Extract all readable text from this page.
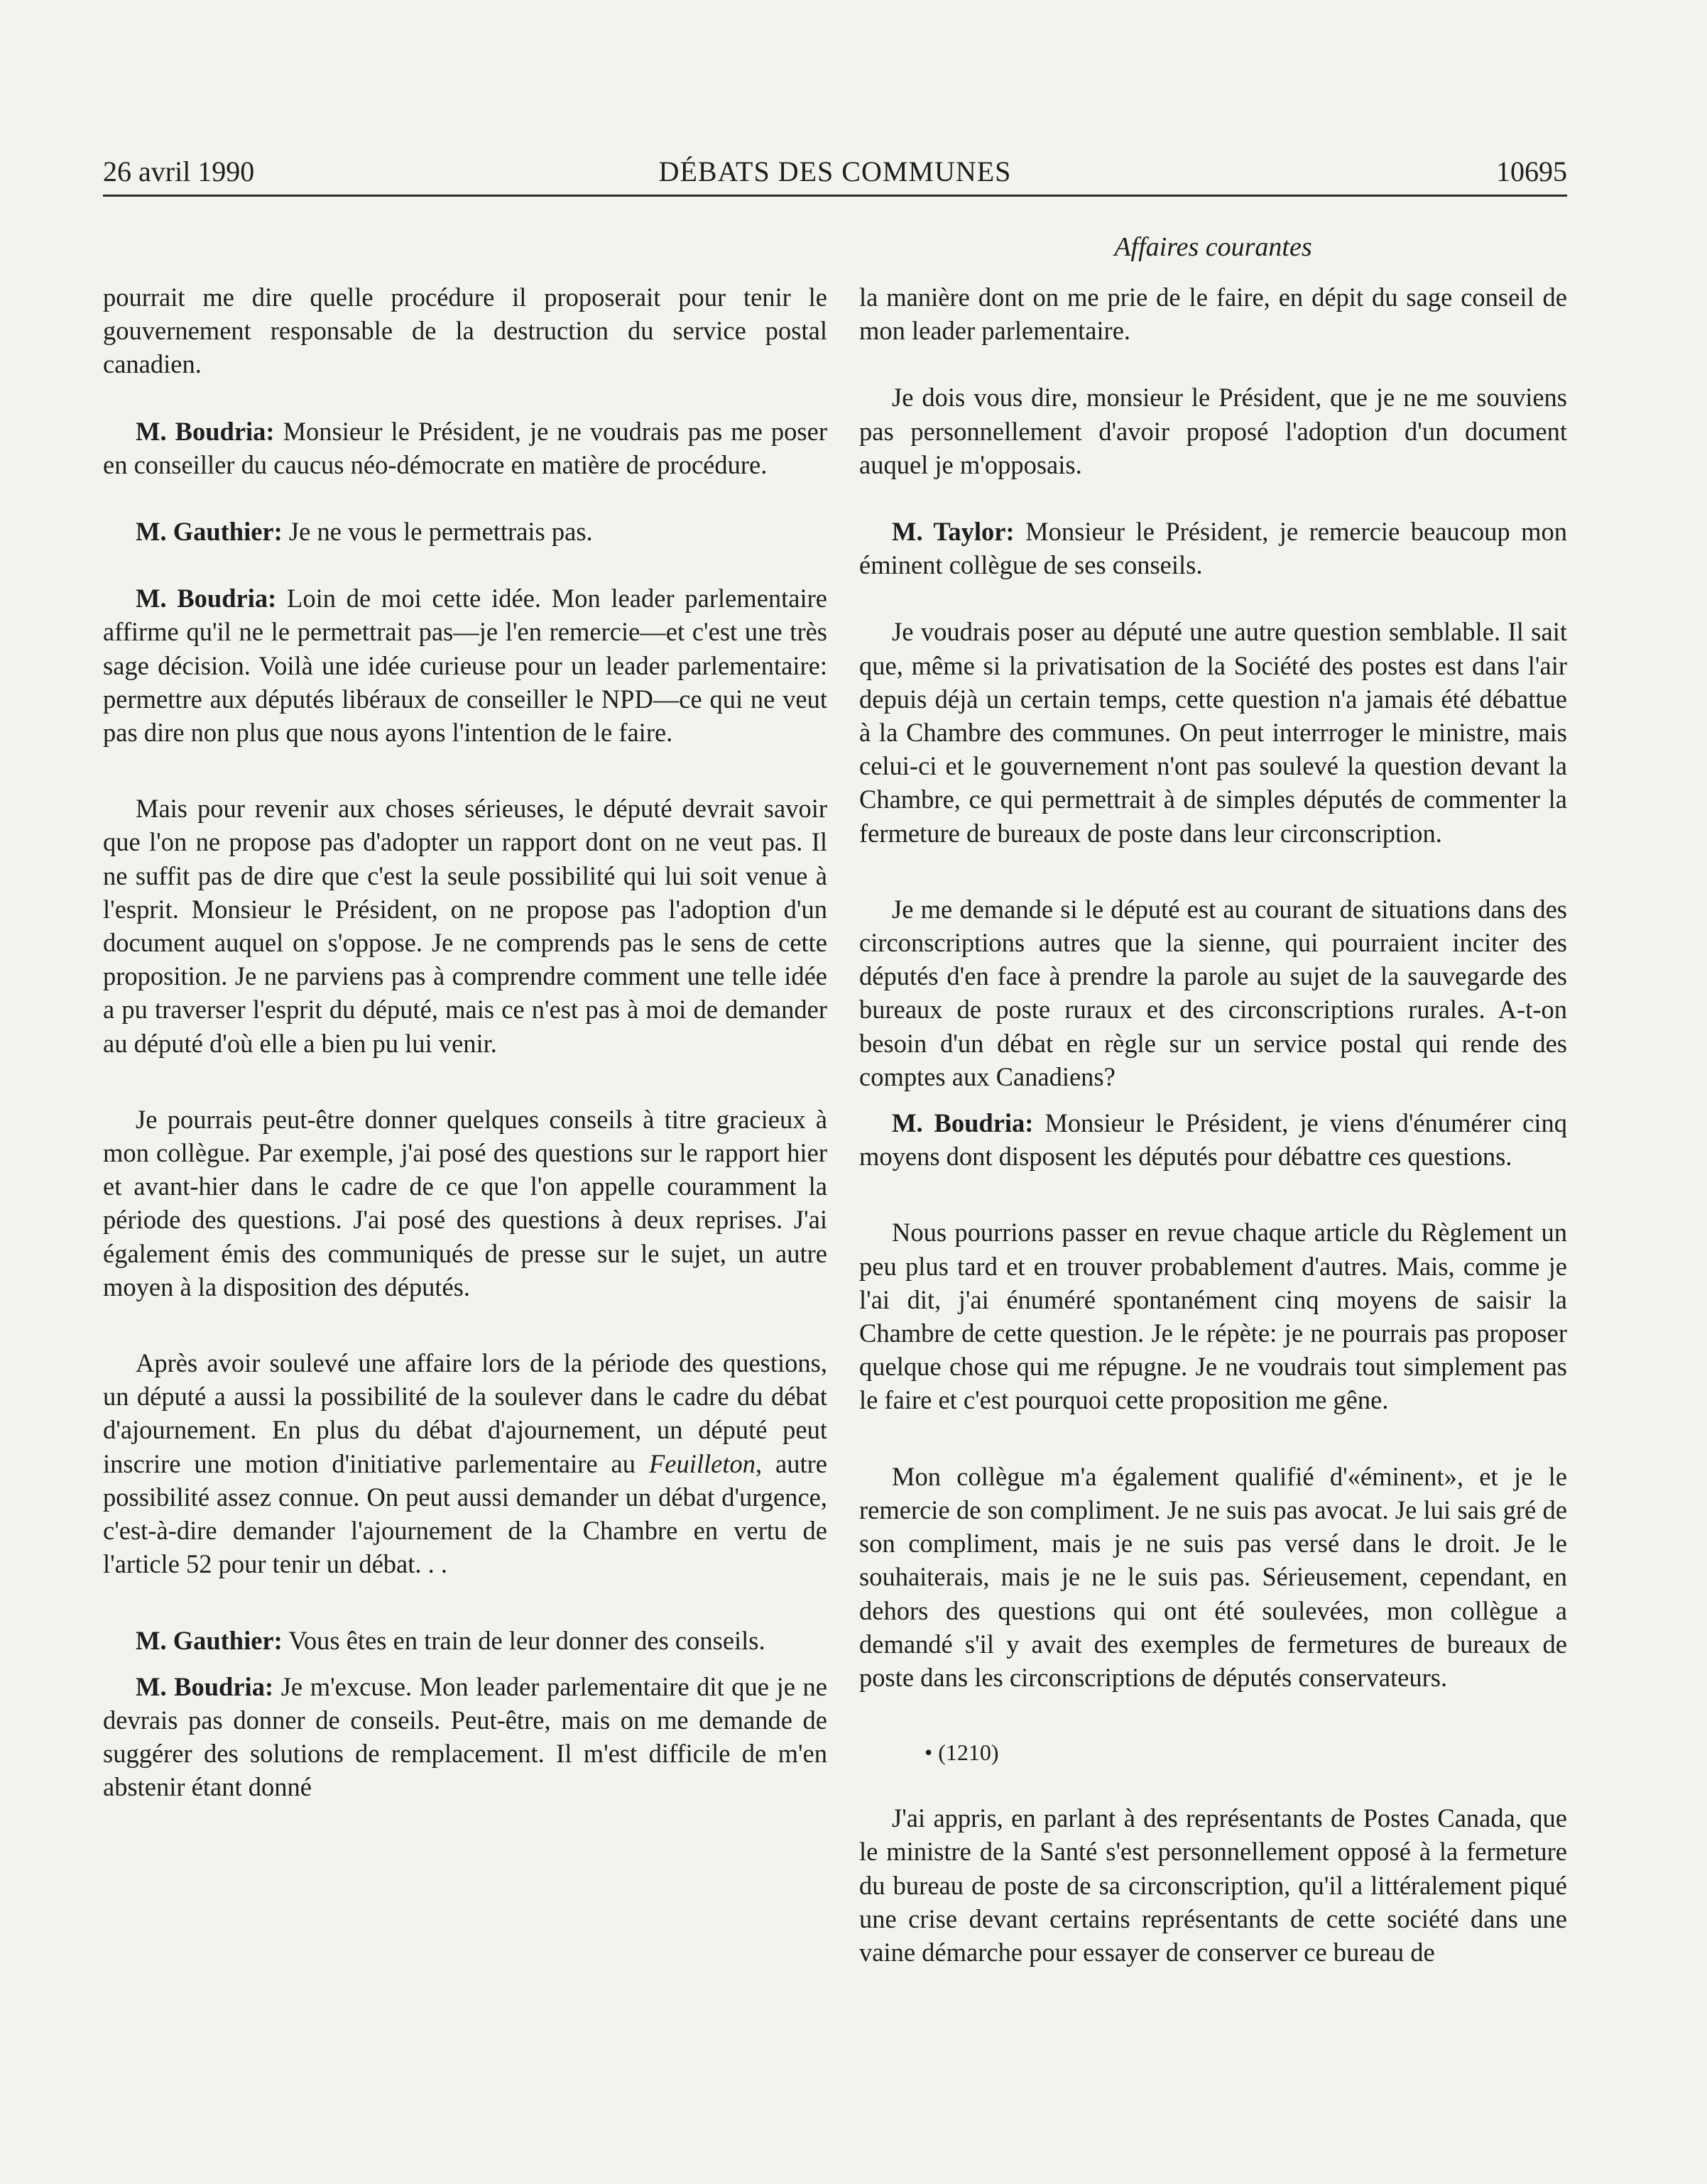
26 avril 1990	DÉBATS DES COMMUNES	10695
Affaires courantes

pourrait me dire quelle procédure il proposerait pour tenir le gouvernement responsable de la destruction du service postal canadien.

M. Boudria: Monsieur le Président, je ne voudrais pas me poser en conseiller du caucus néo-démocrate en matière de procédure.

M. Gauthier: Je ne vous le permettrais pas.

M. Boudria: Loin de moi cette idée. Mon leader parlementaire affirme qu'il ne le permettrait pas—je l'en remercie—et c'est une très sage décision. Voilà une idée curieuse pour un leader parlementaire: permettre aux députés libéraux de conseiller le NPD—ce qui ne veut pas dire non plus que nous ayons l'intention de le faire.

Mais pour revenir aux choses sérieuses, le député devrait savoir que l'on ne propose pas d'adopter un rapport dont on ne veut pas. Il ne suffit pas de dire que c'est la seule possibilité qui lui soit venue à l'esprit. Monsieur le Président, on ne propose pas l'adoption d'un document auquel on s'oppose. Je ne comprends pas le sens de cette proposition. Je ne parviens pas à comprendre comment une telle idée a pu traverser l'esprit du député, mais ce n'est pas à moi de demander au député d'où elle a bien pu lui venir.

Je pourrais peut-être donner quelques conseils à titre gracieux à mon collègue. Par exemple, j'ai posé des questions sur le rapport hier et avant-hier dans le cadre de ce que l'on appelle couramment la période des questions. J'ai posé des questions à deux reprises. J'ai également émis des communiqués de presse sur le sujet, un autre moyen à la disposition des députés.

Après avoir soulevé une affaire lors de la période des questions, un député a aussi la possibilité de la soulever dans le cadre du débat d'ajournement. En plus du débat d'ajournement, un député peut inscrire une motion d'initiative parlementaire au Feuilleton, autre possibilité assez connue. On peut aussi demander un débat d'urgence, c'est-à-dire demander l'ajournement de la Chambre en vertu de l'article 52 pour tenir un débat. . .

M. Gauthier: Vous êtes en train de leur donner des conseils.

M. Boudria: Je m'excuse. Mon leader parlementaire dit que je ne devrais pas donner de conseils. Peut-être, mais on me demande de suggérer des solutions de remplacement. Il m'est difficile de m'en abstenir étant donné

la manière dont on me prie de le faire, en dépit du sage conseil de mon leader parlementaire.

Je dois vous dire, monsieur le Président, que je ne me souviens pas personnellement d'avoir proposé l'adoption d'un document auquel je m'opposais.

M. Taylor: Monsieur le Président, je remercie beaucoup mon éminent collègue de ses conseils.

Je voudrais poser au député une autre question semblable. Il sait que, même si la privatisation de la Société des postes est dans l'air depuis déjà un certain temps, cette question n'a jamais été débattue à la Chambre des communes. On peut interrroger le ministre, mais celui-ci et le gouvernement n'ont pas soulevé la question devant la Chambre, ce qui permettrait à de simples députés de commenter la fermeture de bureaux de poste dans leur circonscription.

Je me demande si le député est au courant de situations dans des circonscriptions autres que la sienne, qui pourraient inciter des députés d'en face à prendre la parole au sujet de la sauvegarde des bureaux de poste ruraux et des circonscriptions rurales. A-t-on besoin d'un débat en règle sur un service postal qui rende des comptes aux Canadiens?

M. Boudria: Monsieur le Président, je viens d'énumérer cinq moyens dont disposent les députés pour débattre ces questions.

Nous pourrions passer en revue chaque article du Règlement un peu plus tard et en trouver probablement d'autres. Mais, comme je l'ai dit, j'ai énuméré spontanément cinq moyens de saisir la Chambre de cette question. Je le répète: je ne pourrais pas proposer quelque chose qui me répugne. Je ne voudrais tout simplement pas le faire et c'est pourquoi cette proposition me gêne.

Mon collègue m'a également qualifié d'«éminent», et je le remercie de son compliment. Je ne suis pas avocat. Je lui sais gré de son compliment, mais je ne suis pas versé dans le droit. Je le souhaiterais, mais je ne le suis pas. Sérieusement, cependant, en dehors des questions qui ont été soulevées, mon collègue a demandé s'il y avait des exemples de fermetures de bureaux de poste dans les circonscriptions de députés conservateurs.

• (1210)

J'ai appris, en parlant à des représentants de Postes Canada, que le ministre de la Santé s'est personnellement opposé à la fermeture du bureau de poste de sa circonscription, qu'il a littéralement piqué une crise devant certains représentants de cette société dans une vaine démarche pour essayer de conserver ce bureau de
